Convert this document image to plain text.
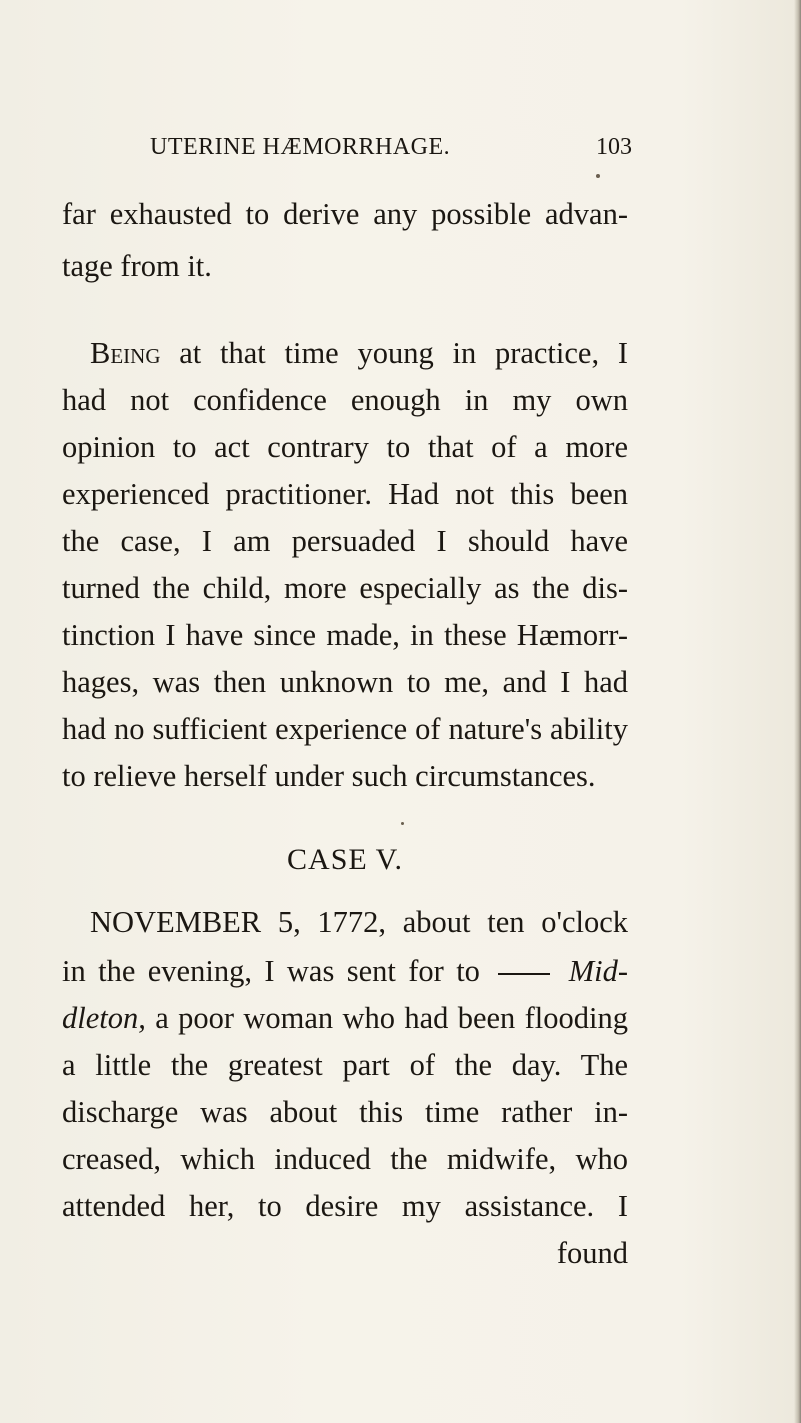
UTERINE HÆMORRHAGE.	103
far exhausted to derive any possible advan-
tage from it.
Being at that time young in practice, I
had not confidence enough in my own
opinion to act contrary to that of a more
experienced practitioner. Had not this been
the case, I am persuaded I should have
turned the child, more especially as the dis-
tinction I have since made, in these Hæmorr-
hages, was then unknown to me, and I had
had no sufficient experience of nature's ability
to relieve herself under such circumstances.
CASE V.
NOVEMBER 5, 1772, about ten o'clock
in the evening, I was sent for to	Mid-
dleton, a poor woman who had been flooding
a little the greatest part of the day. The
discharge was about this time rather in-
creased, which induced the midwife, who
attended her, to desire my assistance. I
found
